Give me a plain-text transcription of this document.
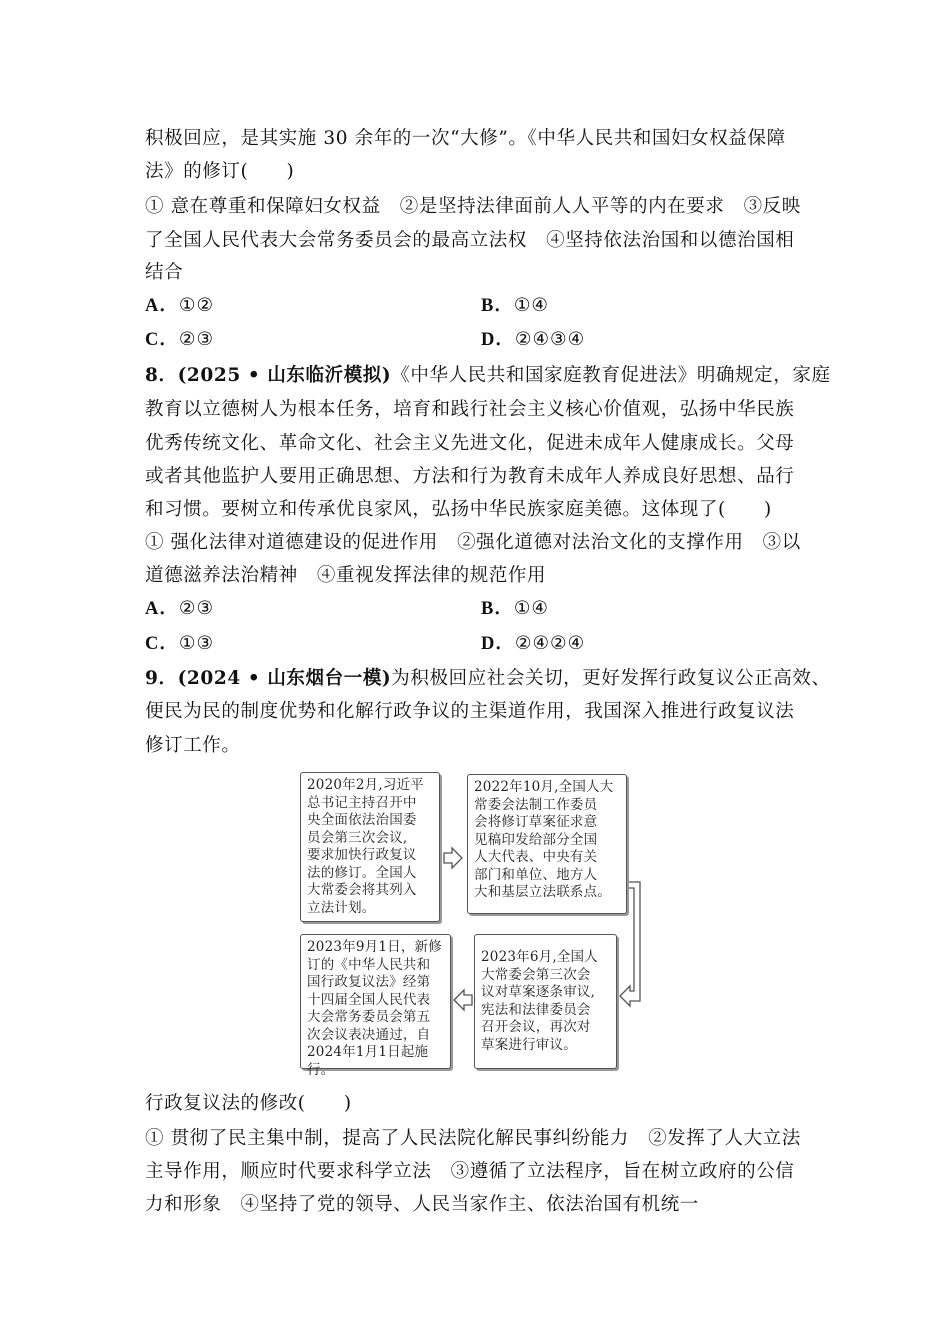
积极回应，是其实施 30 余年的一次“大修”。《中华人民共和国妇女权益保障
法》的修订(　　)
① 意在尊重和保障妇女权益　②是坚持法律面前人人平等的内在要求　③反映
了全国人民代表大会常务委员会的最高立法权　④坚持依法治国和以德治国相
结合
A．①②	B．①④
C．②③	D．②④③④
8．(2025 • 山东临沂模拟)《中华人民共和国家庭教育促进法》明确规定，家庭
教育以立德树人为根本任务，培育和践行社会主义核心价值观，弘扬中华民族
优秀传统文化、革命文化、社会主义先进文化，促进未成年人健康成长。父母
或者其他监护人要用正确思想、方法和行为教育未成年人养成良好思想、品行
和习惯。要树立和传承优良家风，弘扬中华民族家庭美德。这体现了(　　)
① 强化法律对道德建设的促进作用　②强化道德对法治文化的支撑作用　③以
道德滋养法治精神　④重视发挥法律的规范作用
A．②③	B．①④
C．①③	D．②④②④
9．(2024 • 山东烟台一模)为积极回应社会关切，更好发挥行政复议公正高效、
便民为民的制度优势和化解行政争议的主渠道作用，我国深入推进行政复议法
修订工作。
2020年2月,习近平
总书记主持召开中
央全面依法治国委
员会第三次会议,
要求加快行政复议
法的修订。全国人
大常委会将其列入
立法计划。
2022年10月,全国人大
常委会法制工作委员
会将修订草案征求意
见稿印发给部分全国
人大代表、中央有关
部门和单位、地方人
大和基层立法联系点。
2023年6月,全国人
大常委会第三次会
议对草案逐条审议,
宪法和法律委员会
召开会议，再次对
草案进行审议。
2023年9月1日，新修
订的《中华人民共和
国行政复议法》经第
十四届全国人民代表
大会常务委员会第五
次会议表决通过，自
2024年1月1日起施行。
行政复议法的修改(　　)
① 贯彻了民主集中制，提高了人民法院化解民事纠纷能力　②发挥了人大立法
主导作用，顺应时代要求科学立法　③遵循了立法程序，旨在树立政府的公信
力和形象　④坚持了党的领导、人民当家作主、依法治国有机统一
